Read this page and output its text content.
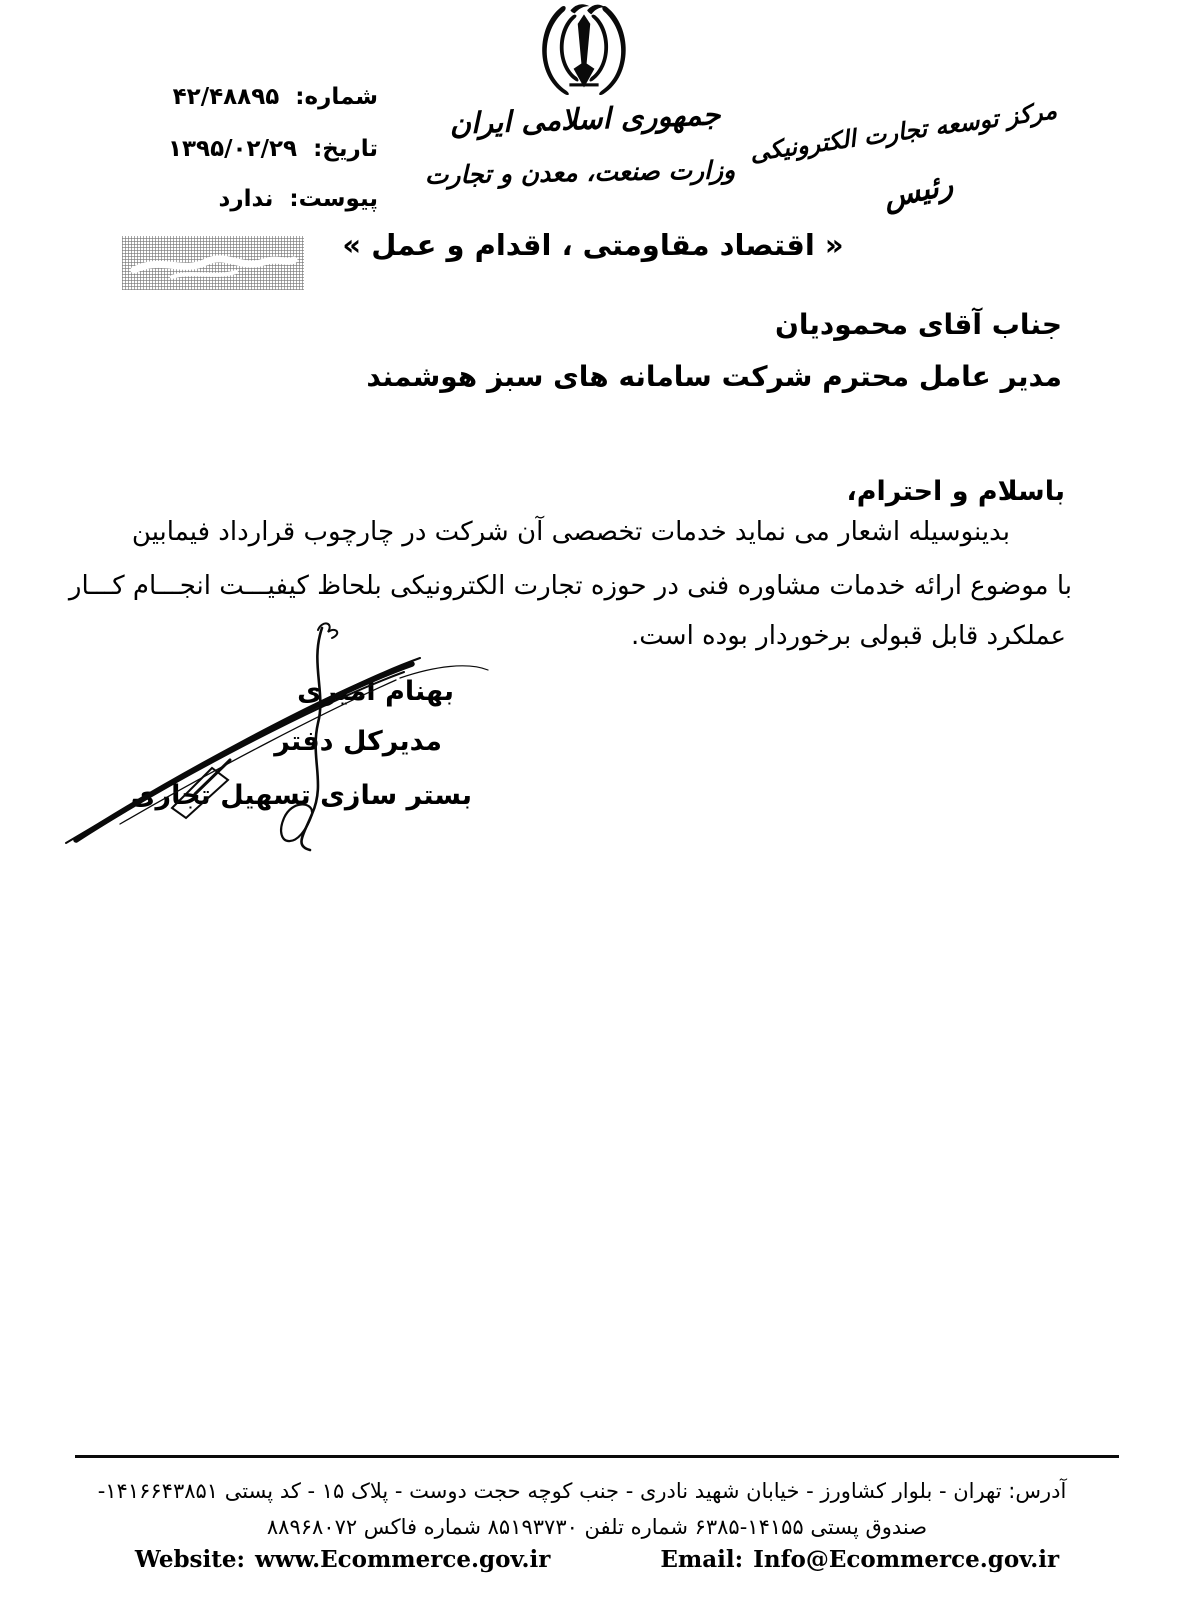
شماره:
۴۲/۴۸۸۹۵
تاریخ:
۱۳۹۵/۰۲/۲۹
پیوست:
ندارد
جمهوری اسلامی ایران
وزارت صنعت، معدن و تجارت
مرکز توسعه تجارت الکترونیکی
رئیس
« اقتصاد مقاومتی ، اقدام و عمل »
جناب آقای محمودیان
مدیر عامل محترم شرکت سامانه های سبز هوشمند
باسلام و احترام،
بدینوسیله اشعار می نماید خدمات تخصصی آن شرکت در چارچوب قرارداد فیمابین
با موضوع ارائه خدمات مشاوره فنی در حوزه تجارت الکترونیکی بلحاظ کیفیـــت انجـــام کـــار
عملکرد قابل قبولی برخوردار بوده است.
بهنام امیری
مدیرکل دفتر
بستر سازی تسهیل تجاری
آدرس: تهران - بلوار کشاورز - خیابان شهید نادری - جنب کوچه حجت دوست - پلاک ۱۵ - کد پستی ۱۴۱۶۶۴۳۸۵۱-
صندوق پستی ۱۴۱۵۵-۶۳۸۵ شماره تلفن ۸۵۱۹۳۷۳۰ شماره فاکس ۸۸۹۶۸۰۷۲
Website: www.Ecommerce.gov.ir	Email: Info@Ecommerce.gov.ir
